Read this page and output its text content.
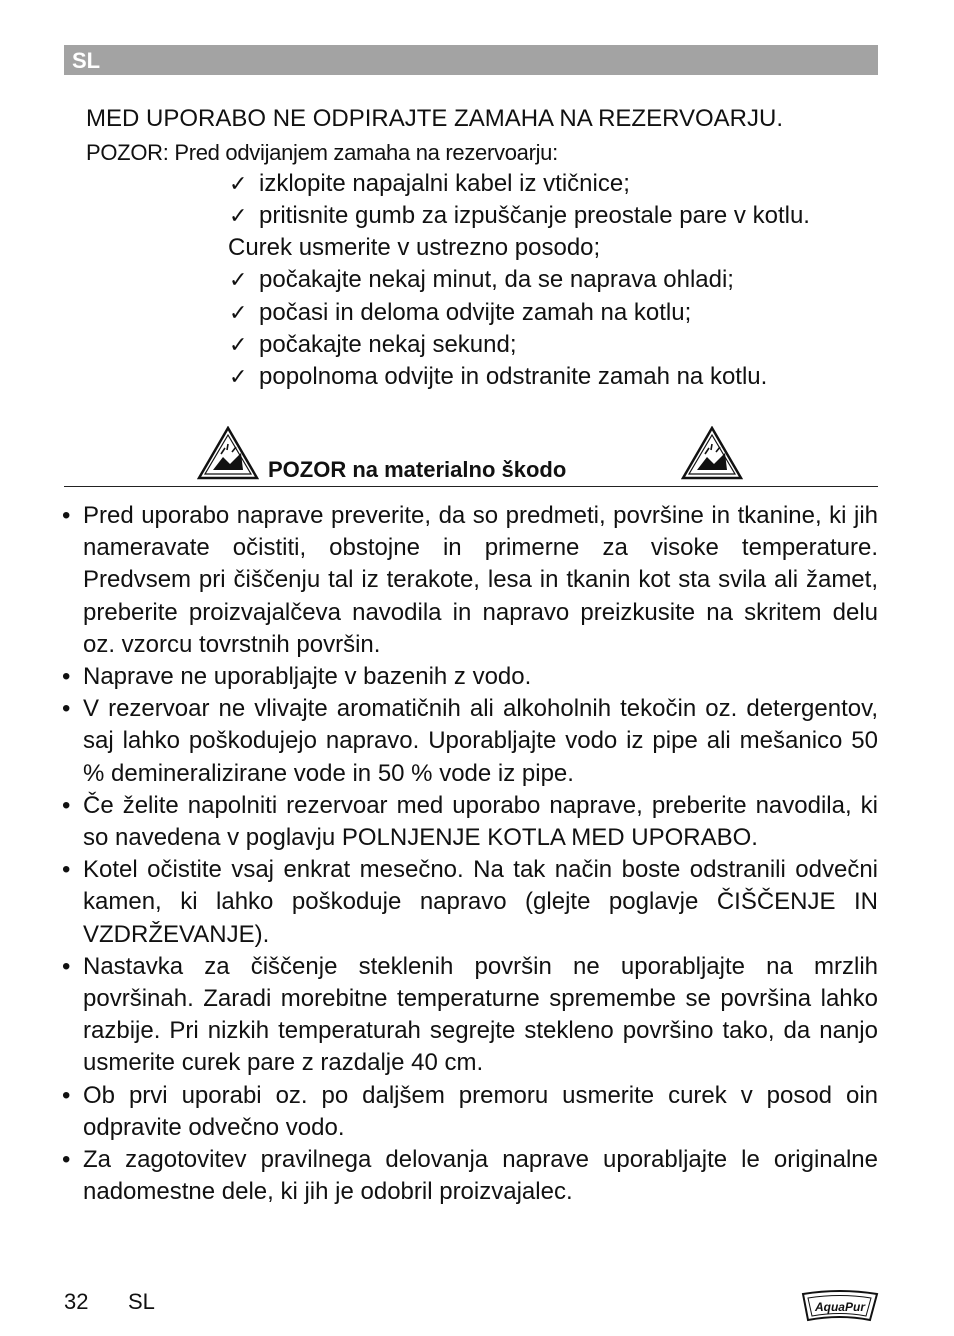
SL
MED UPORABO NE ODPIRAJTE ZAMAHA NA REZERVOARJU.
POZOR: Pred odvijanjem zamaha na rezervoarju:
✓ izklopite napajalni kabel iz vtičnice;
✓ pritisnite gumb za izpuščanje preostale pare v kotlu.
Curek usmerite v ustrezno posodo;
✓ počakajte nekaj minut, da se naprava ohladi;
✓ počasi in deloma odvijte zamah na kotlu;
✓ počakajte nekaj sekund;
✓ popolnoma odvijte in odstranite zamah na kotlu.
POZOR na materialno škodo
• Pred uporabo naprave preverite, da so predmeti, površine in tkanine, ki jih nameravate očistiti, obstojne in primerne za visoke temperature. Predvsem pri čiščenju tal iz terakote, lesa in tkanin kot sta svila ali žamet, preberite proizvajalčeva navodila in napravo preizkusite na skritem delu oz. vzorcu tovrstnih površin.
• Naprave ne uporabljajte v bazenih z vodo.
• V rezervoar ne vlivajte aromatičnih ali alkoholnih tekočin oz. detergentov, saj lahko poškodujejo napravo. Uporabljajte vodo iz pipe ali mešanico 50 % demineralizirane vode in 50 % vode iz pipe.
• Če želite napolniti rezervoar med uporabo naprave, preberite navodila, ki so navedena v poglavju POLNJENJE KOTLA MED UPORABO.
• Kotel očistite vsaj enkrat mesečno. Na tak način boste odstranili odvečni kamen, ki lahko poškoduje napravo (glejte poglavje ČIŠČENJE IN VZDRŽEVANJE).
• Nastavka za čiščenje steklenih površin ne uporabljajte na mrzlih površinah. Zaradi morebitne temperaturne spremembe se površina lahko razbije. Pri nizkih temperaturah segrejte stekleno površino tako, da nanjo usmerite curek pare z razdalje 40 cm.
• Ob prvi uporabi oz. po daljšem premoru usmerite curek v posod oin odpravite odvečno vodo.
• Za zagotovitev pravilnega delovanja naprave uporabljajte le originalne nadomestne dele, ki jih je odobril proizvajalec.
32 SL	AquaPur
